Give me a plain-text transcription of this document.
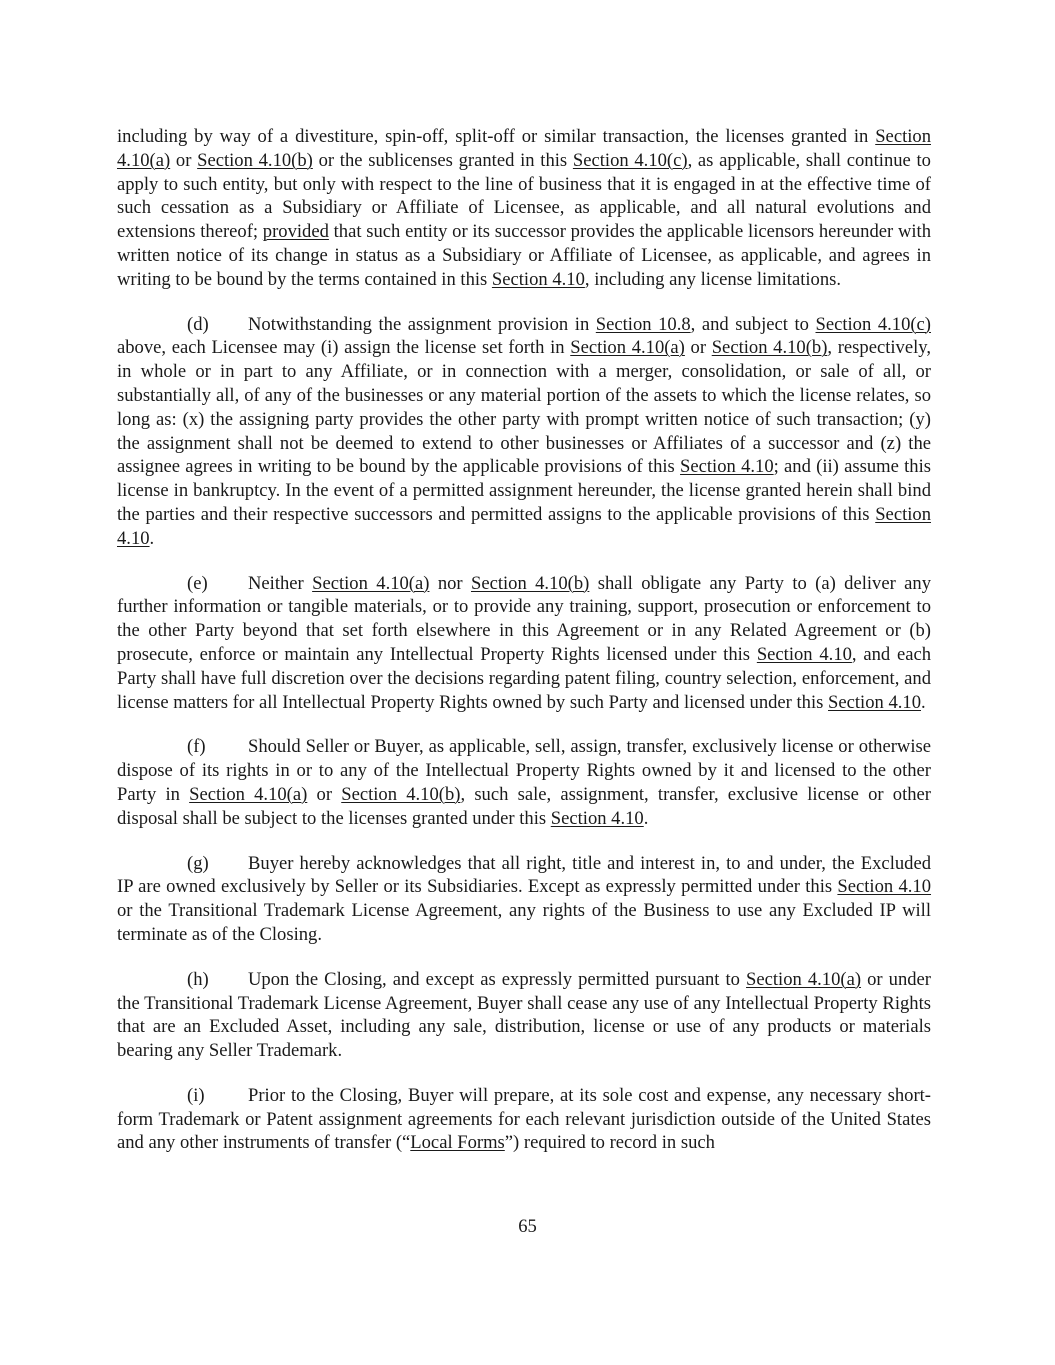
including by way of a divestiture, spin-off, split-off or similar transaction, the licenses granted in Section 4.10(a) or Section 4.10(b) or the sublicenses granted in this Section 4.10(c), as applicable, shall continue to apply to such entity, but only with respect to the line of business that it is engaged in at the effective time of such cessation as a Subsidiary or Affiliate of Licensee, as applicable, and all natural evolutions and extensions thereof; provided that such entity or its successor provides the applicable licensors hereunder with written notice of its change in status as a Subsidiary or Affiliate of Licensee, as applicable, and agrees in writing to be bound by the terms contained in this Section 4.10, including any license limitations.

(d) Notwithstanding the assignment provision in Section 10.8, and subject to Section 4.10(c) above, each Licensee may (i) assign the license set forth in Section 4.10(a) or Section 4.10(b), respectively, in whole or in part to any Affiliate, or in connection with a merger, consolidation, or sale of all, or substantially all, of any of the businesses or any material portion of the assets to which the license relates, so long as: (x) the assigning party provides the other party with prompt written notice of such transaction; (y) the assignment shall not be deemed to extend to other businesses or Affiliates of a successor and (z) the assignee agrees in writing to be bound by the applicable provisions of this Section 4.10; and (ii) assume this license in bankruptcy. In the event of a permitted assignment hereunder, the license granted herein shall bind the parties and their respective successors and permitted assigns to the applicable provisions of this Section 4.10.

(e) Neither Section 4.10(a) nor Section 4.10(b) shall obligate any Party to (a) deliver any further information or tangible materials, or to provide any training, support, prosecution or enforcement to the other Party beyond that set forth elsewhere in this Agreement or in any Related Agreement or (b) prosecute, enforce or maintain any Intellectual Property Rights licensed under this Section 4.10, and each Party shall have full discretion over the decisions regarding patent filing, country selection, enforcement, and license matters for all Intellectual Property Rights owned by such Party and licensed under this Section 4.10.

(f) Should Seller or Buyer, as applicable, sell, assign, transfer, exclusively license or otherwise dispose of its rights in or to any of the Intellectual Property Rights owned by it and licensed to the other Party in Section 4.10(a) or Section 4.10(b), such sale, assignment, transfer, exclusive license or other disposal shall be subject to the licenses granted under this Section 4.10.

(g) Buyer hereby acknowledges that all right, title and interest in, to and under, the Excluded IP are owned exclusively by Seller or its Subsidiaries. Except as expressly permitted under this Section 4.10 or the Transitional Trademark License Agreement, any rights of the Business to use any Excluded IP will terminate as of the Closing.

(h) Upon the Closing, and except as expressly permitted pursuant to Section 4.10(a) or under the Transitional Trademark License Agreement, Buyer shall cease any use of any Intellectual Property Rights that are an Excluded Asset, including any sale, distribution, license or use of any products or materials bearing any Seller Trademark.

(i) Prior to the Closing, Buyer will prepare, at its sole cost and expense, any necessary short-form Trademark or Patent assignment agreements for each relevant jurisdiction outside of the United States and any other instruments of transfer (“Local Forms”) required to record in such

65
